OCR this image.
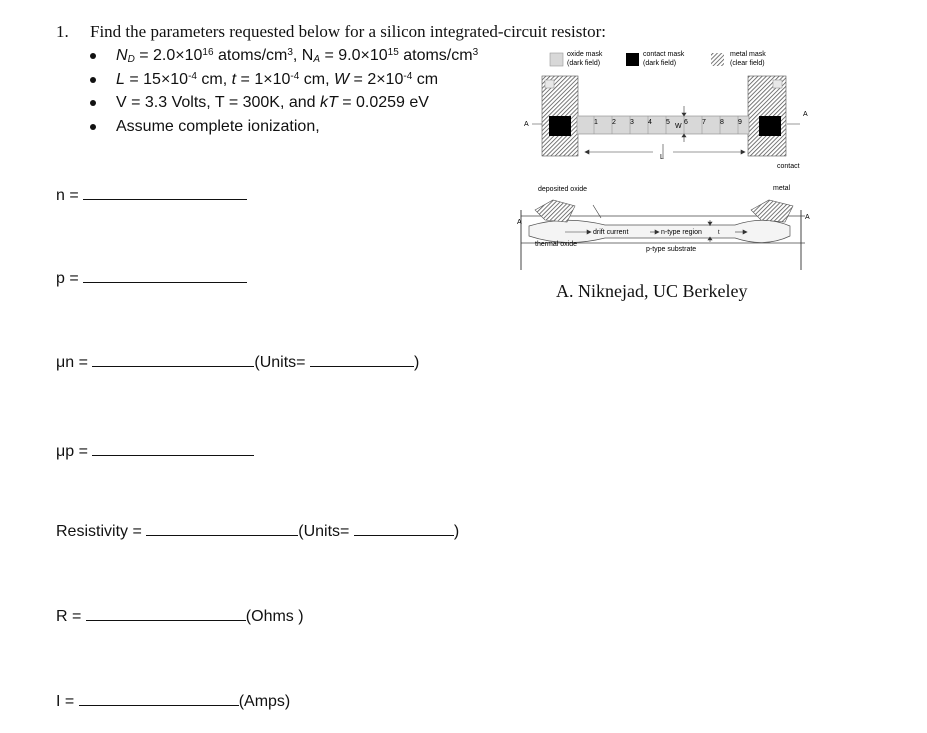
1. Find the parameters requested below for a silicon integrated-circuit resistor:
$N_D = 2.0\times 10^{16}$ atoms/$cm^3$, $N_A = 9.0\times 10^{15}$ atoms/$cm^3$
$L = 15\times 10^{-4}$ cm, $t = 1\times 10^{-4}$ cm, $W = 2\times 10^{-4}$ cm
V = 3.3 Volts, T = 300K, and kT = 0.0259 eV
Assume complete ionization,
n =
p =
μn =	(Units=	)
μp =
Resistivity =	(Units=	)
R =	(Ohms )
I =	(Amps)
oxide mask
(dark field)
contact mask
(dark field)
metal mask
(clear field)
1 2 3 4 5 6 7 8 9
W
L
A
A
contact
deposited oxide	metal
drift current	n-type region	t
thermal oxide
p-type substrate
A
A
A. Niknejad, UC Berkeley
